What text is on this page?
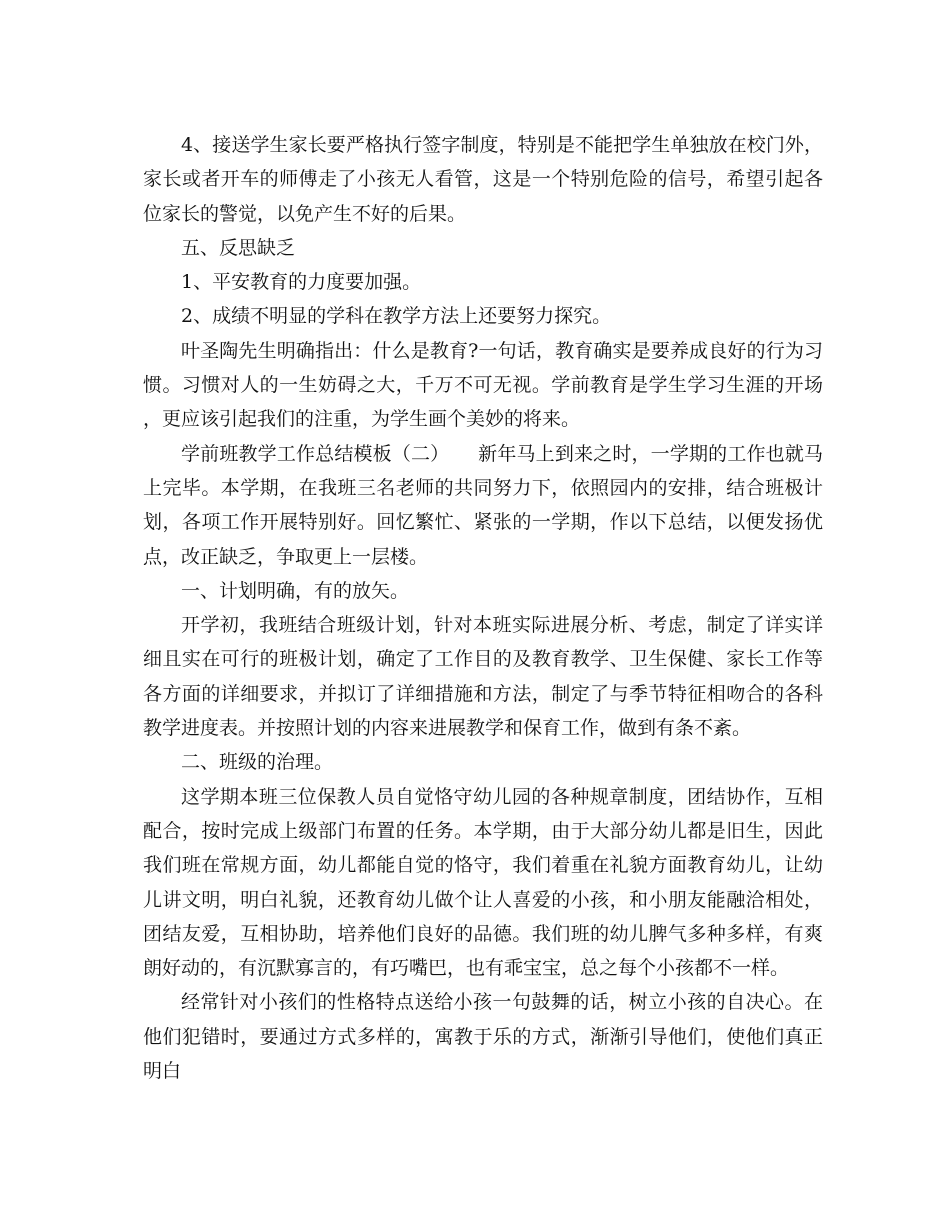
4、接送学生家长要严格执行签字制度，特别是不能把学生单独放在校门外，家长或者开车的师傅走了小孩无人看管，这是一个特别危险的信号，希望引起各位家长的警觉，以免产生不好的后果。

五、反思缺乏

1、平安教育的力度要加强。

2、成绩不明显的学科在教学方法上还要努力探究。

叶圣陶先生明确指出：什么是教育?一句话，教育确实是要养成良好的行为习惯。习惯对人的一生妨碍之大，千万不可无视。学前教育是学生学习生涯的开场，更应该引起我们的注重，为学生画个美妙的将来。

学前班教学工作总结模板（二）　　新年马上到来之时，一学期的工作也就马上完毕。本学期，在我班三名老师的共同努力下，依照园内的安排，结合班极计划，各项工作开展特别好。回忆繁忙、紧张的一学期，作以下总结，以便发扬优点，改正缺乏，争取更上一层楼。

一、计划明确，有的放矢。

开学初，我班结合班级计划，针对本班实际进展分析、考虑，制定了详实详细且实在可行的班极计划，确定了工作目的及教育教学、卫生保健、家长工作等各方面的详细要求，并拟订了详细措施和方法，制定了与季节特征相吻合的各科教学进度表。并按照计划的内容来进展教学和保育工作，做到有条不紊。

二、班级的治理。

这学期本班三位保教人员自觉恪守幼儿园的各种规章制度，团结协作，互相配合，按时完成上级部门布置的任务。本学期，由于大部分幼儿都是旧生，因此我们班在常规方面，幼儿都能自觉的恪守，我们着重在礼貌方面教育幼儿，让幼儿讲文明，明白礼貌，还教育幼儿做个让人喜爱的小孩，和小朋友能融洽相处，团结友爱，互相协助，培养他们良好的品德。我们班的幼儿脾气多种多样，有爽朗好动的，有沉默寡言的，有巧嘴巴，也有乖宝宝，总之每个小孩都不一样。

经常针对小孩们的性格特点送给小孩一句鼓舞的话，树立小孩的自决心。在他们犯错时，要通过方式多样的，寓教于乐的方式，渐渐引导他们，使他们真正明白
